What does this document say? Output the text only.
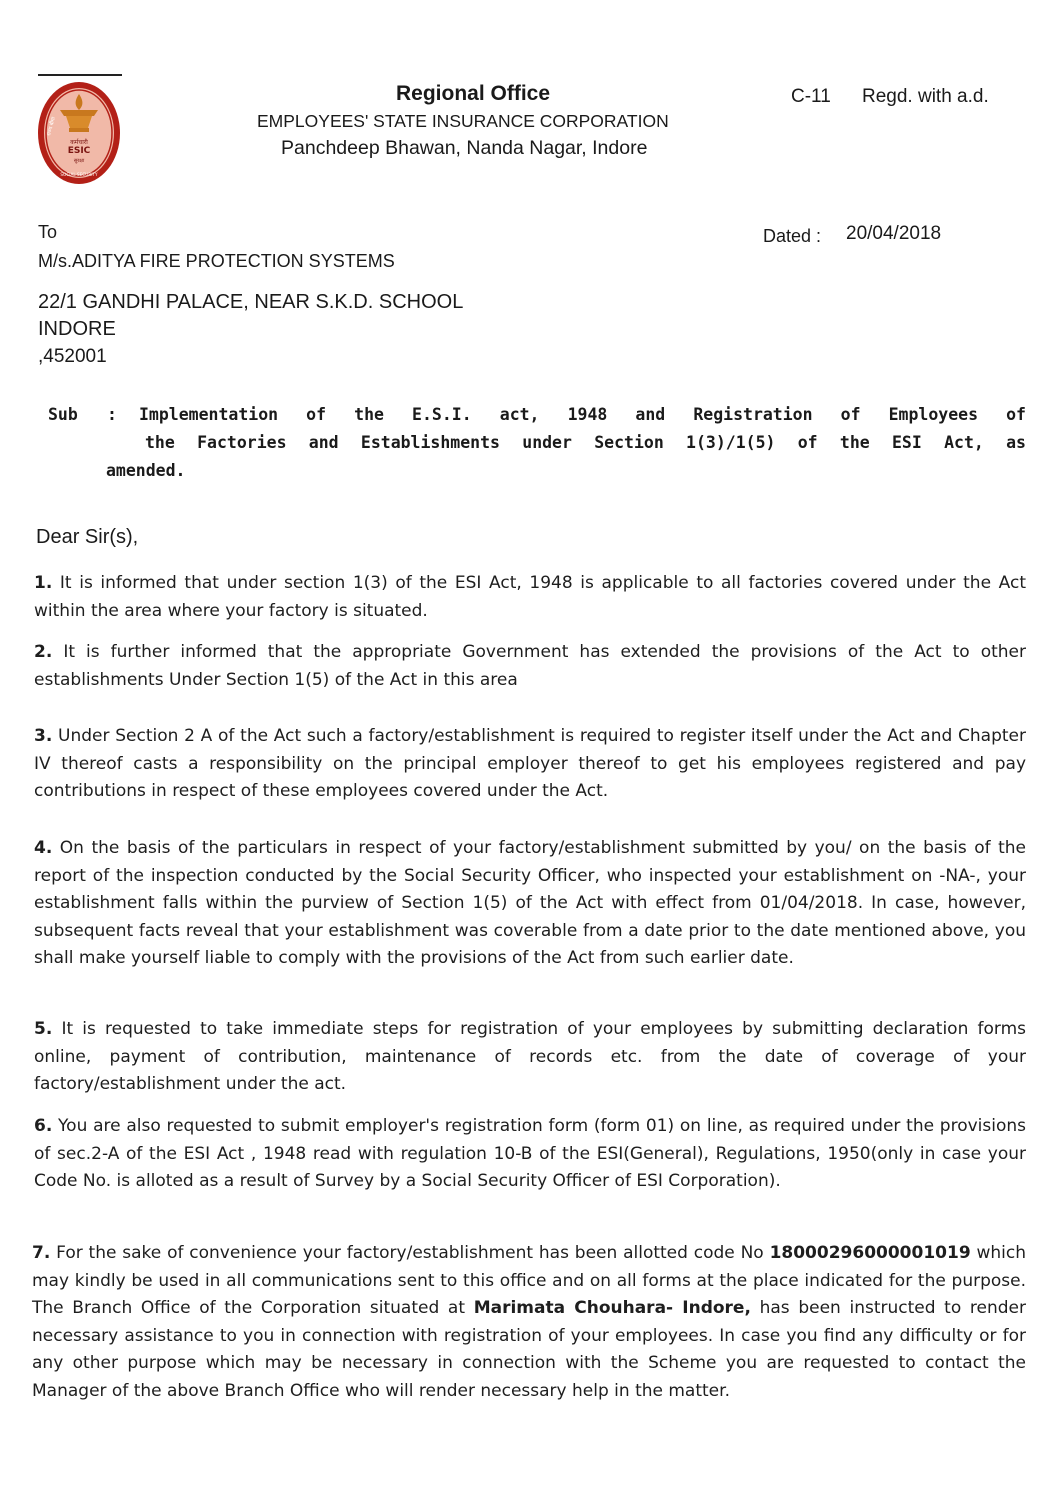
कर्मचारी
ESIC
सुरक्षा
राज्य बीमा
SOCIAL SECURITY
Regional Office
EMPLOYEES' STATE INSURANCE CORPORATION
Panchdeep Bhawan, Nanda Nagar, Indore
C-11 Regd. with a.d.
To	Dated : 20/04/2018
M/s.ADITYA FIRE PROTECTION SYSTEMS
22/1 GANDHI PALACE, NEAR S.K.D. SCHOOL
INDORE
,452001
Sub : Implementation of the E.S.I. act, 1948 and Registration of Employees of
the Factories and Establishments under Section 1(3)/1(5) of the ESI Act, as
amended.
Dear Sir(s),
1. It is informed that under section 1(3) of the ESI Act, 1948 is applicable to all factories covered under the Act within the area where your factory is situated.
2. It is further informed that the appropriate Government has extended the provisions of the Act to other establishments Under Section 1(5) of the Act in this area
3. Under Section 2 A of the Act such a factory/establishment is required to register itself under the Act and Chapter IV thereof casts a responsibility on the principal employer thereof to get his employees registered and pay contributions in respect of these employees covered under the Act.
4. On the basis of the particulars in respect of your factory/establishment submitted by you/ on the basis of the report of the inspection conducted by the Social Security Officer, who inspected your establishment on -NA-, your establishment falls within the purview of Section 1(5) of the Act with effect from 01/04/2018. In case, however, subsequent facts reveal that your establishment was coverable from a date prior to the date mentioned above, you shall make yourself liable to comply with the provisions of the Act from such earlier date.
5. It is requested to take immediate steps for registration of your employees by submitting declaration forms online, payment of contribution, maintenance of records etc. from the date of coverage of your factory/establishment under the act.
6. You are also requested to submit employer's registration form (form 01) on line, as required under the provisions of sec.2-A of the ESI Act , 1948 read with regulation 10-B of the ESI(General), Regulations, 1950(only in case your Code No. is alloted as a result of Survey by a Social Security Officer of ESI Corporation).
7. For the sake of convenience your factory/establishment has been allotted code No 18000296000001019 which may kindly be used in all communications sent to this office and on all forms at the place indicated for the purpose. The Branch Office of the Corporation situated at Marimata Chouhara- Indore, has been instructed to render necessary assistance to you in connection with registration of your employees. In case you find any difficulty or for any other purpose which may be necessary in connection with the Scheme you are requested to contact the Manager of the above Branch Office who will render necessary help in the matter.
